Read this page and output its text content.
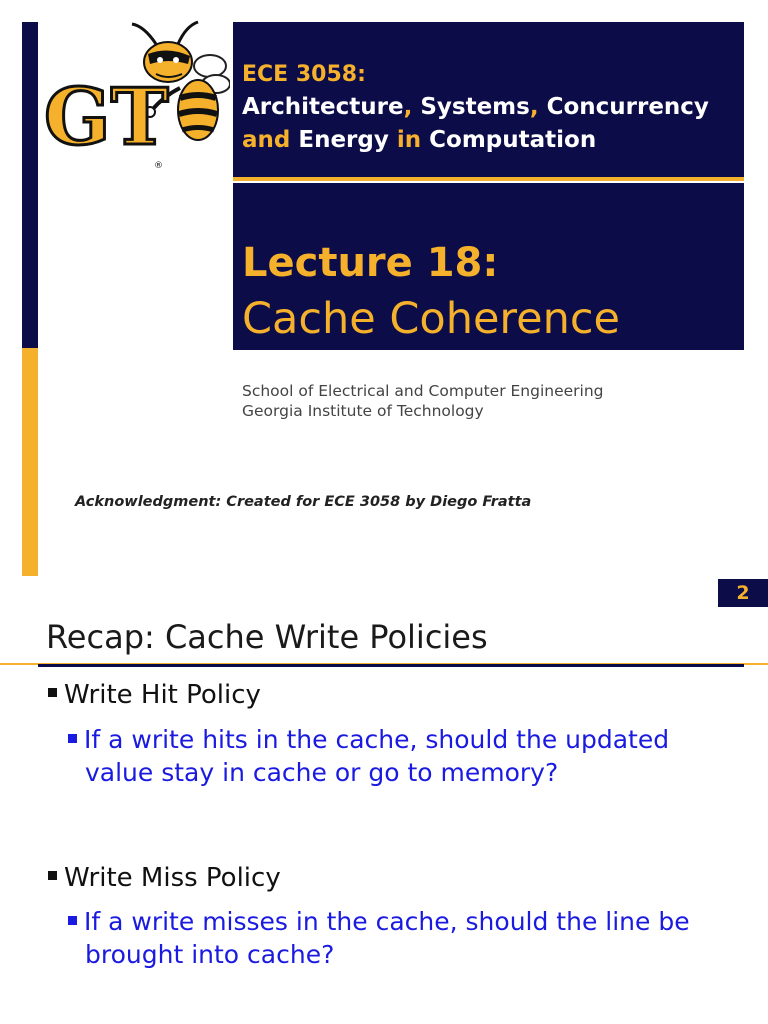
GT
®
ECE 3058:
Architecture, Systems, Concurrency
and Energy in Computation
Lecture 18:
Cache Coherence
School of Electrical and Computer Engineering
Georgia Institute of Technology
Acknowledgment: Created for ECE 3058 by Diego Fratta
2
Recap: Cache Write Policies
Write Hit Policy
If a write hits in the cache, should the updated
value stay in cache or go to memory?
Write Miss Policy
If a write misses in the cache, should the line be
brought into cache?
